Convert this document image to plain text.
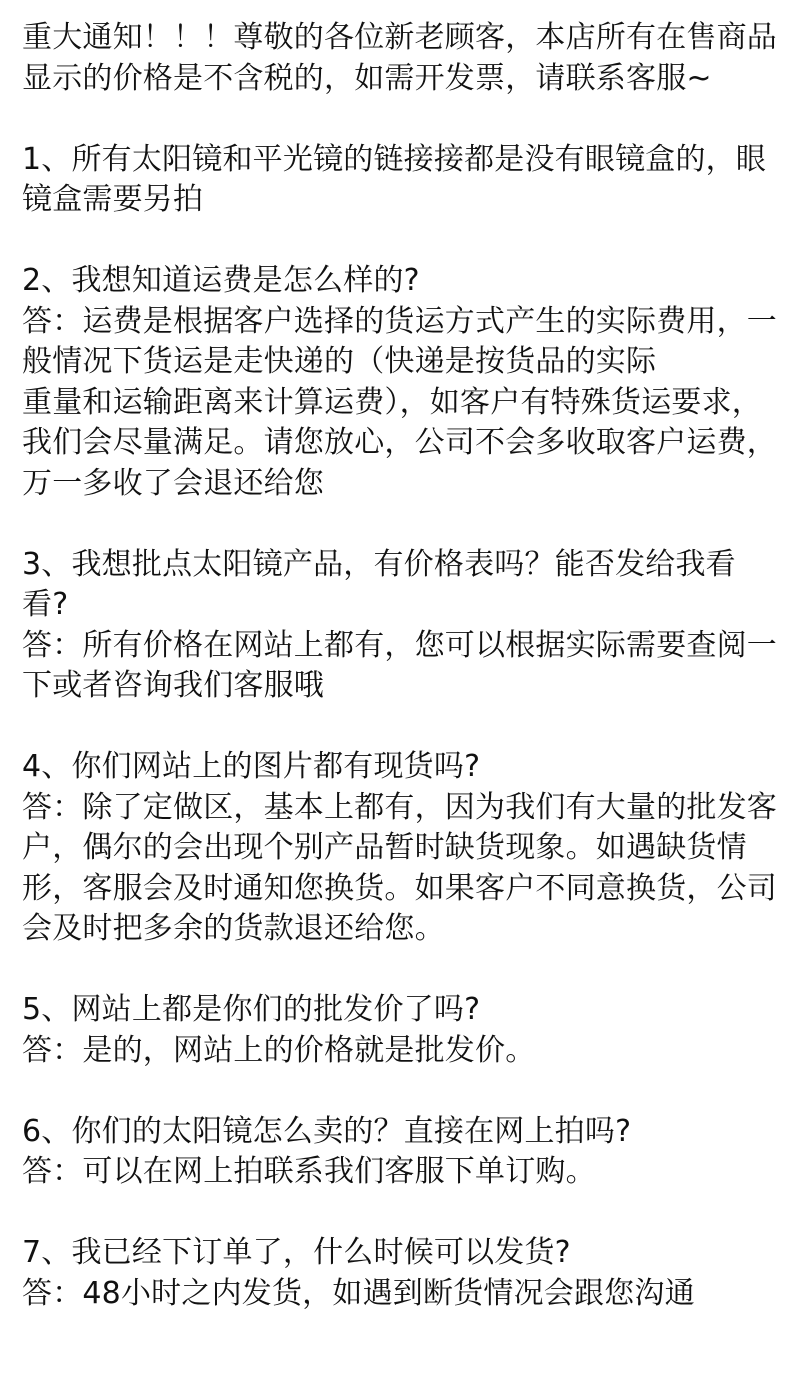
重大通知！！！尊敬的各位新老顾客，本店所有在售商品显示的价格是不含税的，如需开发票，请联系客服~

1、所有太阳镜和平光镜的链接接都是没有眼镜盒的，眼镜盒需要另拍

2、我想知道运费是怎么样的?

答：运费是根据客户选择的货运方式产生的实际费用，一般情况下货运是走快递的（快递是按货品的实际
重量和运输距离来计算运费），如客户有特殊货运要求，我们会尽量满足。请您放心，公司不会多收取客户运费，万一多收了会退还给您

3、我想批点太阳镜产品，有价格表吗？能否发给我看看?

答：所有价格在网站上都有，您可以根据实际需要查阅一下或者咨询我们客服哦

4、你们网站上的图片都有现货吗?

答：除了定做区，基本上都有，因为我们有大量的批发客户，偶尔的会出现个别产品暂时缺货现象。如遇缺货情形，客服会及时通知您换货。如果客户不同意换货，公司会及时把多余的货款退还给您。

5、网站上都是你们的批发价了吗?

答：是的，网站上的价格就是批发价。

6、你们的太阳镜怎么卖的？直接在网上拍吗?

答：可以在网上拍联系我们客服下单订购。

7、我已经下订单了，什么时候可以发货?

答：48小时之内发货，如遇到断货情况会跟您沟通
